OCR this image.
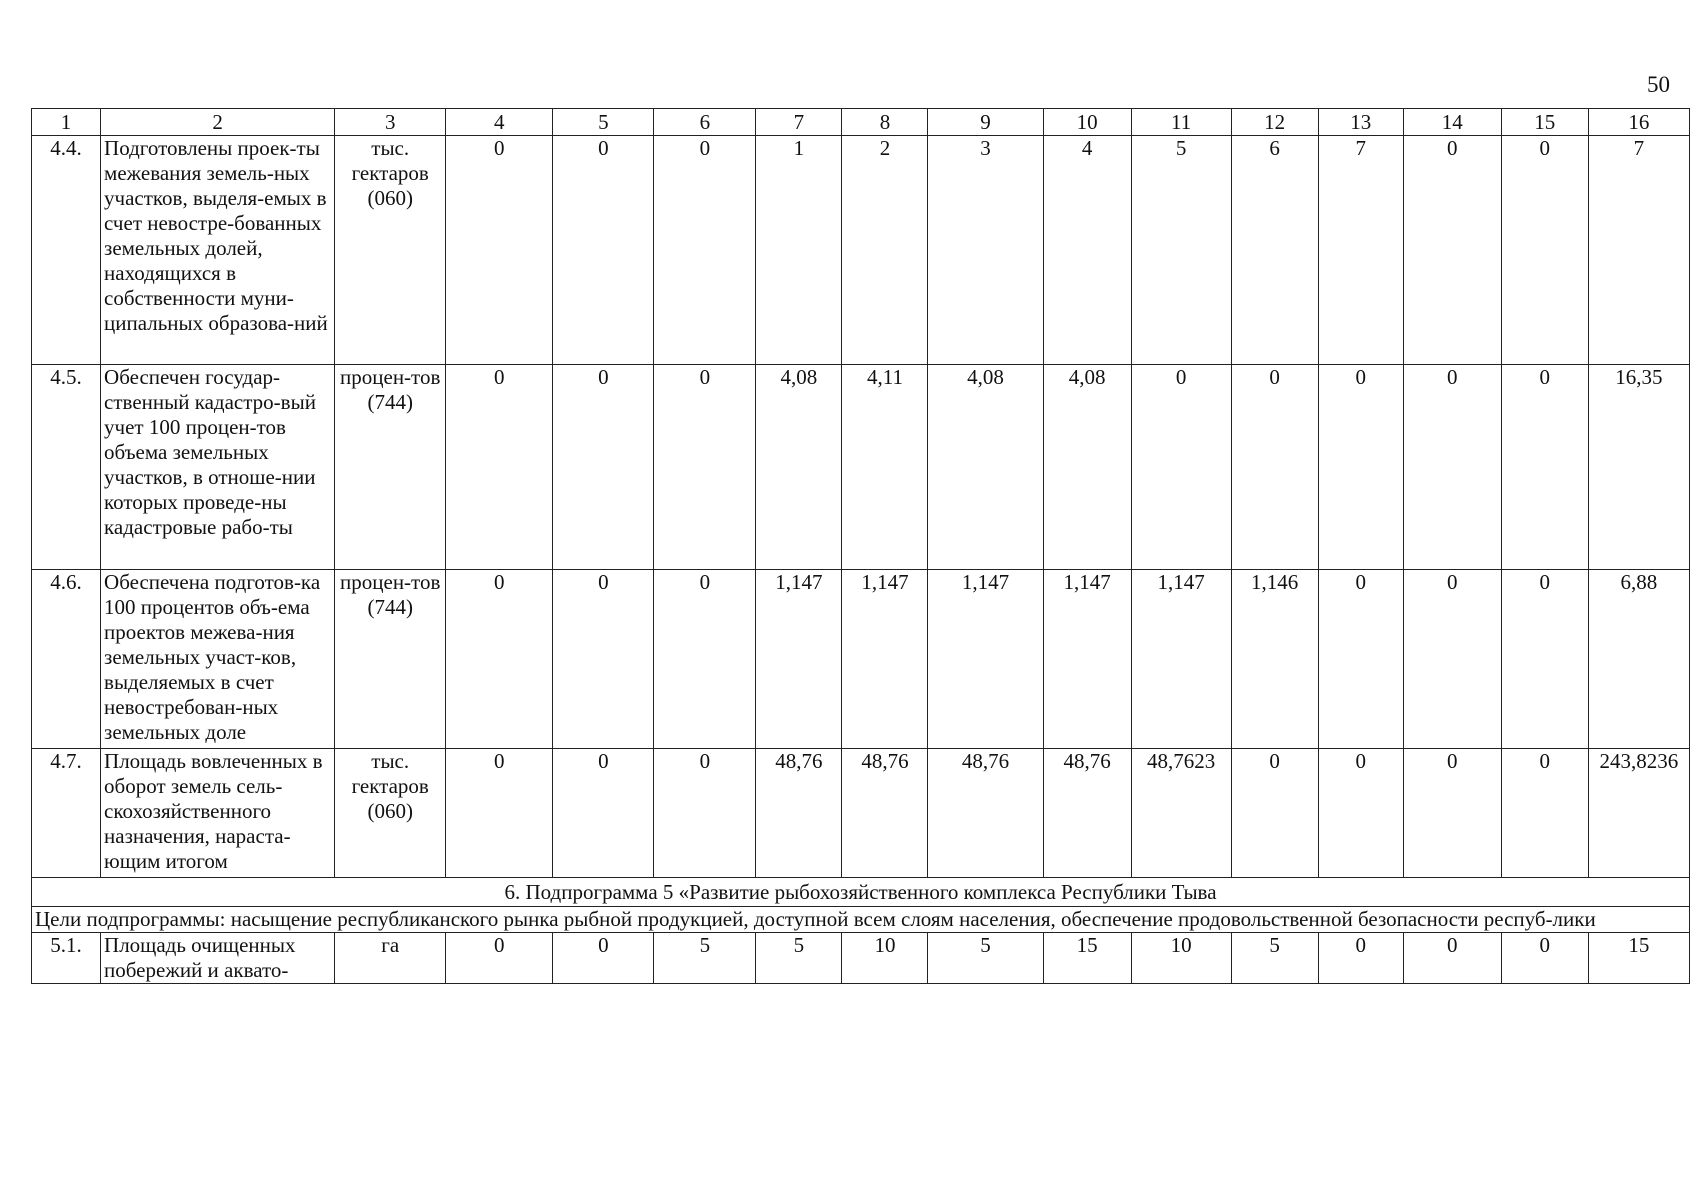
50
1	2	3	4	5	6	7	8	9	10	11	12	13	14	15	16
4.4.	Подготовлены проек-ты межевания земель-ных участков, выделя-емых в счет невостре-бованных земельных долей, находящихся в собственности муни-ципальных образова-ний	тыс. гектаров (060)	0	0	0	1	2	3	4	5	6	7	0	0	7
4.5.	Обеспечен государ-ственный кадастро-вый учет 100 процен-тов объема земельных участков, в отноше-нии которых проведе-ны кадастровые рабо-ты	процен-тов (744)	0	0	0	4,08	4,11	4,08	4,08	0	0	0	0	0	16,35
4.6.	Обеспечена подготов-ка 100 процентов объ-ема проектов межева-ния земельных участ-ков, выделяемых в счет невостребован-ных земельных доле	процен-тов (744)	0	0	0	1,147	1,147	1,147	1,147	1,147	1,146	0	0	0	6,88
4.7.	Площадь вовлеченных в оборот земель сель-скохозяйственного назначения, нараста-ющим итогом	тыс. гектаров (060)	0	0	0	48,76	48,76	48,76	48,76	48,7623	0	0	0	0	243,8236
6. Подпрограмма 5 «Развитие рыбохозяйственного комплекса Республики Тыва															
Цели подпрограммы: насыщение республиканского рынка рыбной продукцией, доступной всем слоям населения, обеспечение продовольственной безопасности респуб-лики															
5.1.	Площадь очищенных побережий и аквато-	га	0	0	5	5	10	5	15	10	5	0	0	0	15
